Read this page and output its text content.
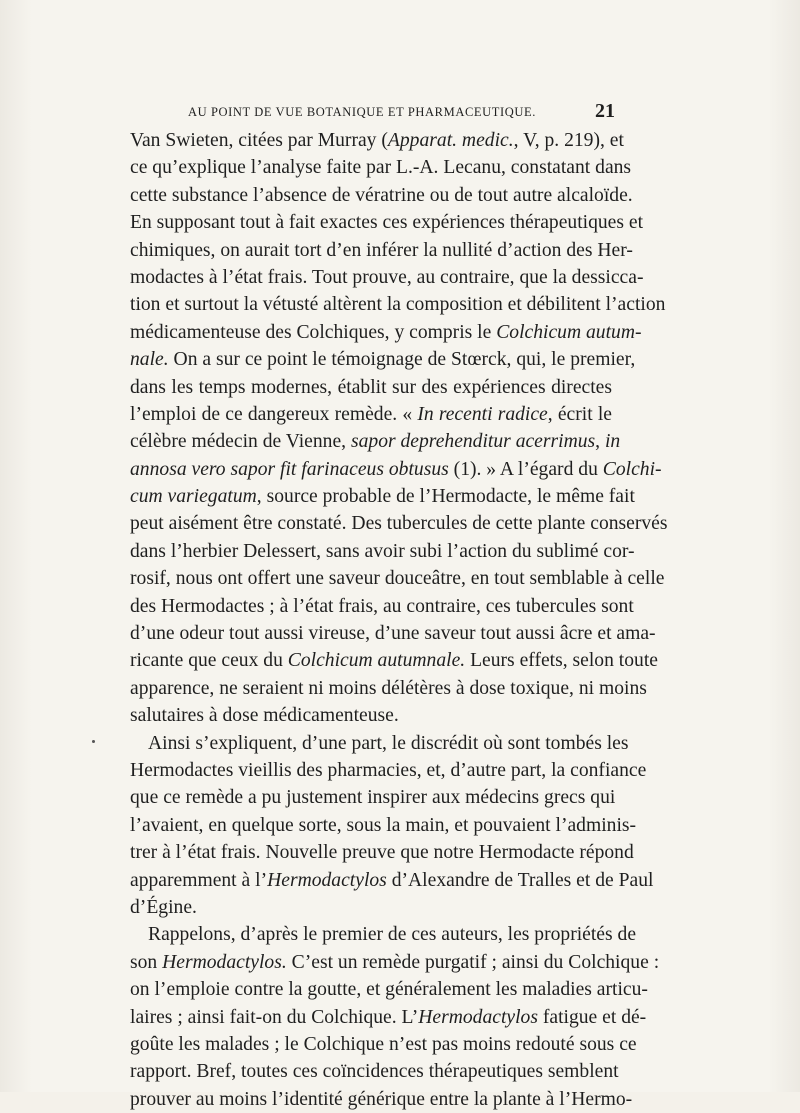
AU POINT DE VUE BOTANIQUE ET PHARMACEUTIQUE.	21
Van Swieten, citées par Murray (Apparat. medic., V, p. 219), et
ce qu’explique l’analyse faite par L.-A. Lecanu, constatant dans
cette substance l’absence de vératrine ou de tout autre alcaloïde.
En supposant tout à fait exactes ces expériences thérapeutiques et
chimiques, on aurait tort d’en inférer la nullité d’action des Her-
modactes à l’état frais. Tout prouve, au contraire, que la dessicca-
tion et surtout la vétusté altèrent la composition et débilitent l’action
médicamenteuse des Colchiques, y compris le Colchicum autum-
nale. On a sur ce point le témoignage de Stœrck, qui, le premier,
dans les temps modernes, établit sur des expériences directes
l’emploi de ce dangereux remède. « In recenti radice, écrit le
célèbre médecin de Vienne, sapor deprehenditur acerrimus, in
annosa vero sapor fit farinaceus obtusus (1). » A l’égard du Colchi-
cum variegatum, source probable de l’Hermodacte, le même fait
peut aisément être constaté. Des tubercules de cette plante conservés
dans l’herbier Delessert, sans avoir subi l’action du sublimé cor-
rosif, nous ont offert une saveur douceâtre, en tout semblable à celle
des Hermodactes ; à l’état frais, au contraire, ces tubercules sont
d’une odeur tout aussi vireuse, d’une saveur tout aussi âcre et ama-
ricante que ceux du Colchicum autumnale. Leurs effets, selon toute
apparence, ne seraient ni moins délétères à dose toxique, ni moins
salutaires à dose médicamenteuse.
Ainsi s’expliquent, d’une part, le discrédit où sont tombés les
Hermodactes vieillis des pharmacies, et, d’autre part, la confiance
que ce remède a pu justement inspirer aux médecins grecs qui
l’avaient, en quelque sorte, sous la main, et pouvaient l’adminis-
trer à l’état frais. Nouvelle preuve que notre Hermodacte répond
apparemment à l’Hermodactylos d’Alexandre de Tralles et de Paul
d’Égine.
Rappelons, d’après le premier de ces auteurs, les propriétés de
son Hermodactylos. C’est un remède purgatif ; ainsi du Colchique :
on l’emploie contre la goutte, et généralement les maladies articu-
laires ; ainsi fait-on du Colchique. L’Hermodactylos fatigue et dé-
goûte les malades ; le Colchique n’est pas moins redouté sous ce
rapport. Bref, toutes ces coïncidences thérapeutiques semblent
prouver au moins l’identité générique entre la plante à l’Hermo-
